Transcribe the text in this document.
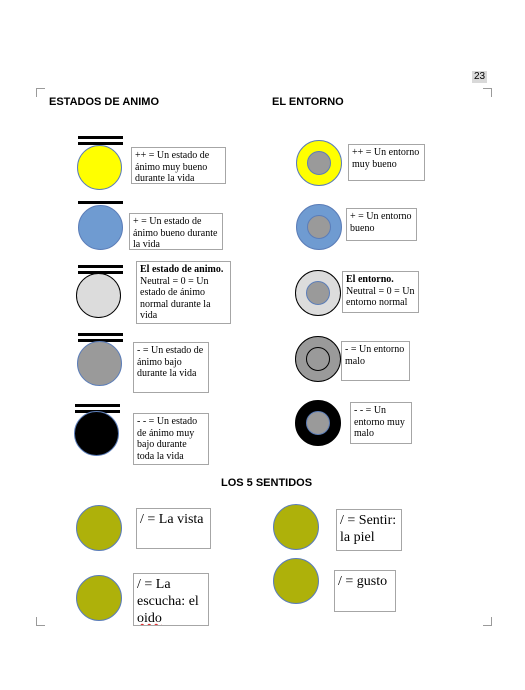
23
ESTADOS DE ANIMO	EL ENTORNO
LOS 5 SENTIDOS
++ = Un estado de ánimo muy bueno durante la vida
+ = Un estado de ánimo bueno durante la vida
El estado de animo.
Neutral = 0 = Un estado de ánimo normal durante la vida
- = Un estado de ánimo bajo durante la vida
- - = Un estado de ánimo muy bajo durante toda la vida
++ = Un entorno muy bueno
+ = Un entorno bueno
El entorno.
Neutral = 0 = Un entorno normal
- = Un entorno malo
- - = Un entorno muy malo
/ = La vista	/ = Sentir: la piel
/ = La escucha: el oido
/ = gusto
